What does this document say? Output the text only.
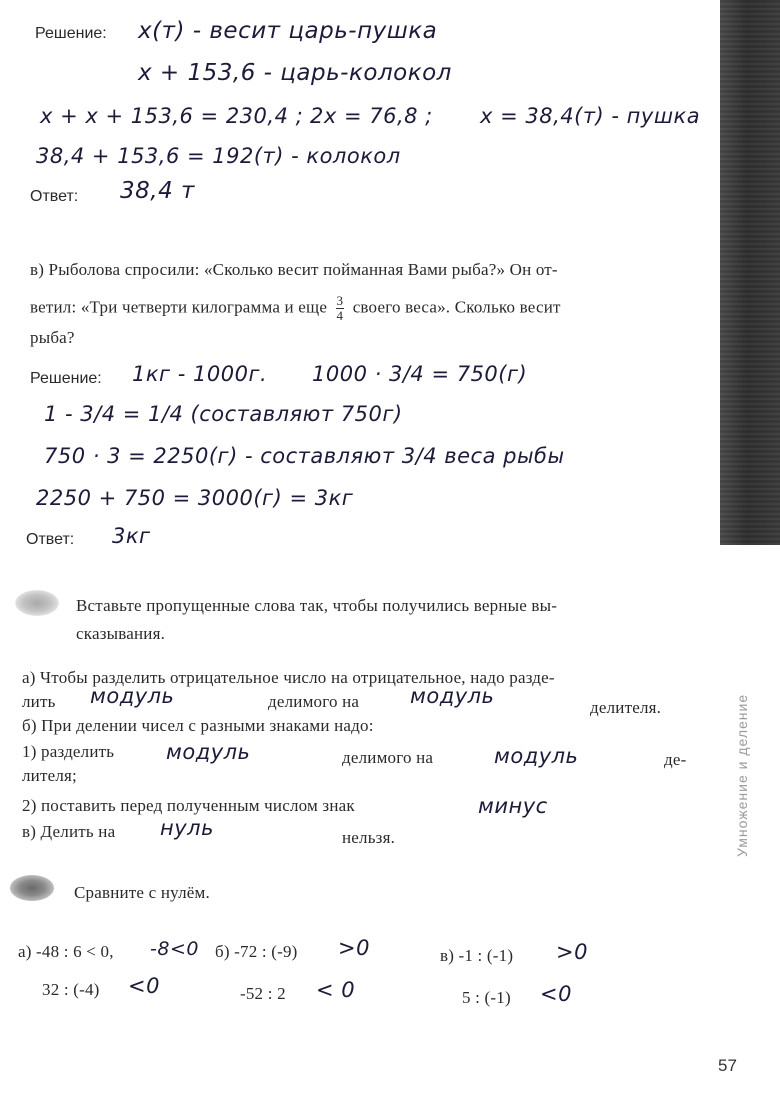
Умножение и деление
Решение: x(т) - весит царь-пушка
x + 153,6 - царь-колокол
x + x + 153,6 = 230,4 ; 2x = 76,8 ; x = 38,4(т) - пушка
38,4 + 153,6 = 192(т) - колокол
Ответ: 38,4 т
в) Рыболова спросили: «Сколько весит пойманная Вами рыба?» Он от-
ветил: «Три четверти килограмма и еще $\frac{3}{4}$ своего веса». Сколько весит
рыба?
Решение: 1кг - 1000г. 1000 · 3/4 = 750(г)
1 - 3/4 = 1/4 (составляют 750г)
750 · 3 = 2250(г) - составляют 3/4 веса рыбы
2250 + 750 = 3000(г) = 3кг
Ответ: 3кг
Вставьте пропущенные слова так, чтобы получились верные вы-
сказывания.
а) Чтобы разделить отрицательное число на отрицательное, надо разде-
лить модуль	делимого на модуль	делителя.
б) При делении чисел с разными знаками надо:
1) разделить модуль	делимого на	модуль	де-
лителя;
2) поставить перед полученным числом знак	минус
в) Делить на нуль	нельзя.
Сравните с нулём.
а) -48 : 6 < 0, -8<0 б) -72 : (-9) >0	в) -1 : (-1) >0
32 : (-4) <0	-52 : 2 < 0	5 : (-1) <0
57
